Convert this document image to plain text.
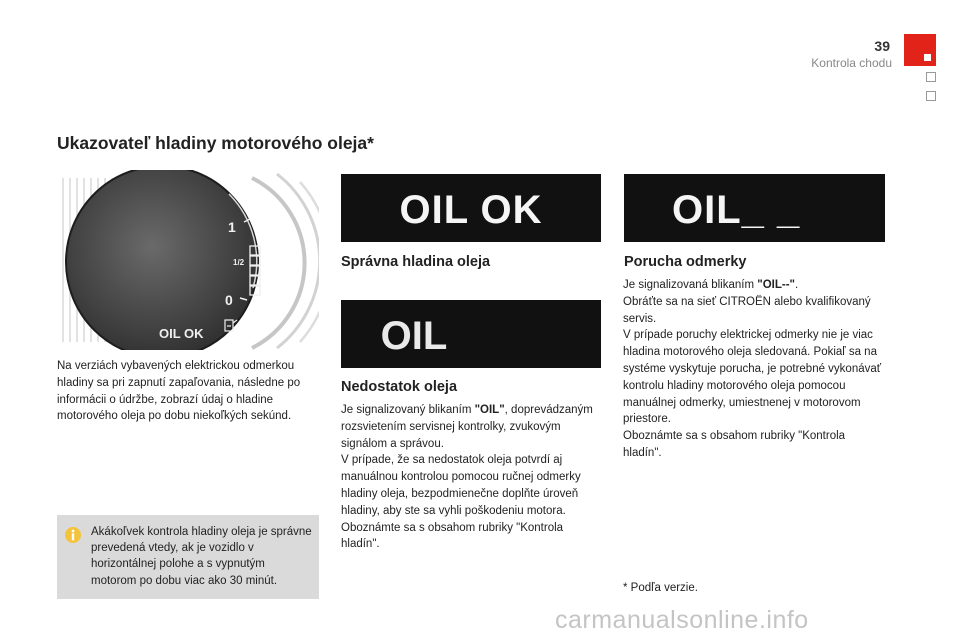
39
Kontrola chodu
Ukazovateľ hladiny motorového oleja*
1
1/2
0
OIL OK
Na verziách vybavených elektrickou odmerkou hladiny sa pri zapnutí zapaľovania, následne po informácii o údržbe, zobrazí údaj o hladine motorového oleja po dobu niekoľkých sekúnd.
Akákoľvek kontrola hladiny oleja je správne prevedená vtedy, ak je vozidlo v horizontálnej polohe a s vypnutým motorom po dobu viac ako 30 minút.
OIL OK
Správna hladina oleja
OIL
Nedostatok oleja
Je signalizovaný blikaním "OIL", doprevádzaným rozsvietením servisnej kontrolky, zvukovým signálom a správou.
V prípade, že sa nedostatok oleja potvrdí aj manuálnou kontrolou pomocou ručnej odmerky hladiny oleja, bezpodmienečne doplňte úroveň hladiny, aby ste sa vyhli poškodeniu motora.
Oboznámte sa s obsahom rubriky "Kontrola hladín".
OIL_ _
Porucha odmerky
Je signalizovaná blikaním "OIL--".
Obráťte sa na sieť CITROËN alebo kvalifikovaný servis.
V prípade poruchy elektrickej odmerky nie je viac hladina motorového oleja sledovaná. Pokiaľ sa na systéme vyskytuje porucha, je potrebné vykonávať kontrolu hladiny motorového oleja pomocou manuálnej odmerky, umiestnenej v motorovom priestore.
Oboznámte sa s obsahom rubriky "Kontrola hladín".
* Podľa verzie.
carmanualsonline.info
